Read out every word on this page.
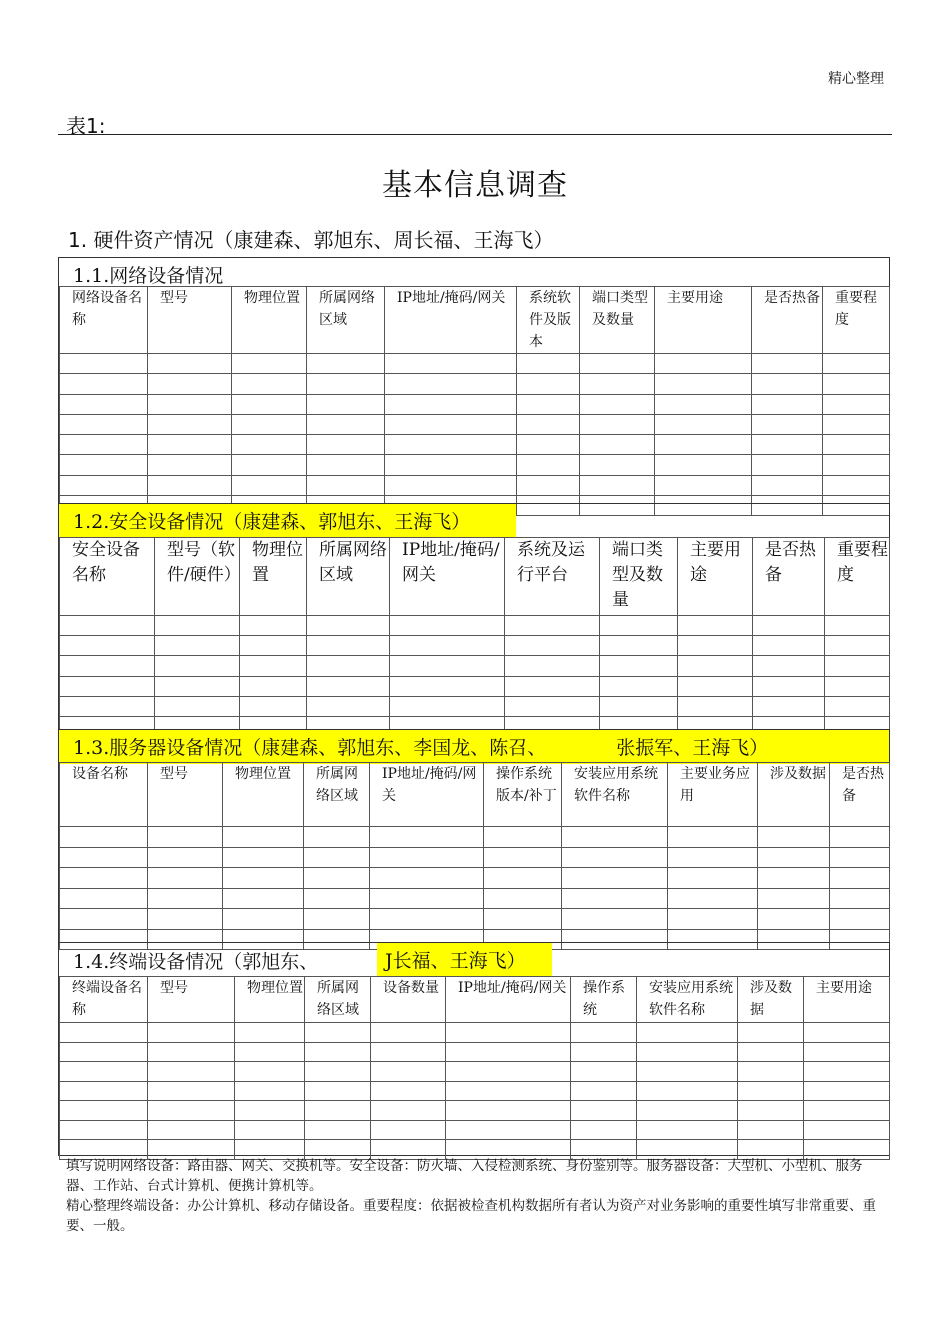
精心整理
表1:
基本信息调查
1. 硬件资产情况（康建森、郭旭东、周长福、王海飞）
1.1.网络设备情况
网络设备名称	型号	物理位置	所属网络区域	IP地址/掩码/网关	系统软件及版本	端口类型及数量	主要用途	是否热备	重要程度

1.2.安全设备情况（康建森、郭旭东、王海飞）
安全设备名称	型号（软件/硬件）	物理位置	所属网络区域	IP地址/掩码/网关	系统及运行平台	端口类型及数量	主要用途	是否热备	重要程度

1.3.服务器设备情况（康建森、郭旭东、李国龙、陈召、	张振军、王海飞）
设备名称	型号	物理位置	所属网络区域	IP地址/掩码/网关	操作系统版本/补丁	安装应用系统软件名称	主要业务应用	涉及数据	是否热备

1.4.终端设备情况（郭旭东、	J长福、王海飞）
终端设备名称	型号	物理位置	所属网络区域	设备数量	IP地址/掩码/网关	操作系统	安装应用系统软件名称	涉及数据	主要用途

填写说明网络设备：路由器、网关、交换机等。安全设备：防火墙、入侵检测系统、身份鉴别等。服务器设备：大型机、小型机、服务器、工作站、台式计算机、便携计算机等。

精心整理终端设备：办公计算机、移动存储设备。重要程度：依据被检查机构数据所有者认为资产对业务影响的重要性填写非常重要、重要、一般。
